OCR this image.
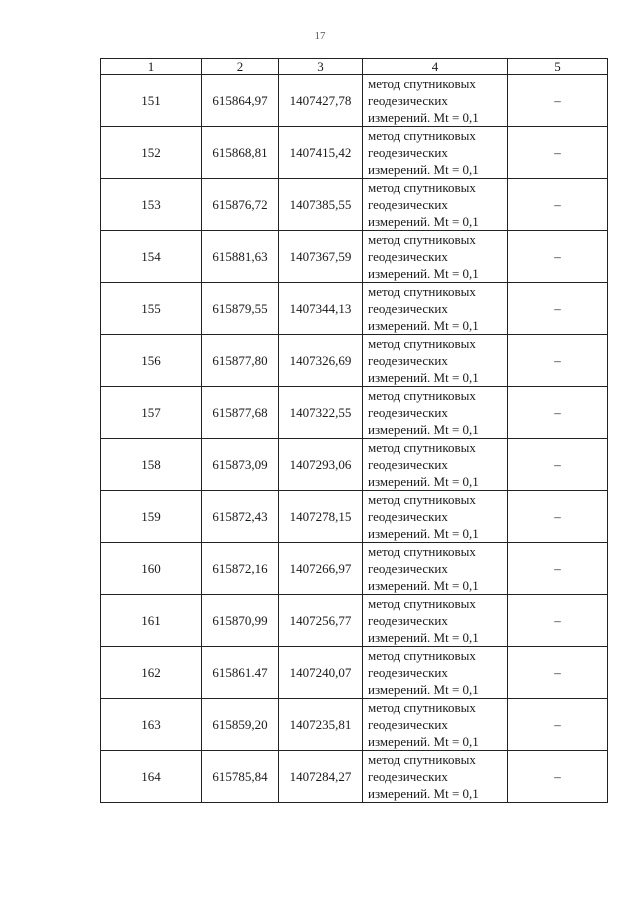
17
1	2	3	4	5
151	615864,97	1407427,78	метод спутниковых
геодезических
измерений. Mt = 0,1	–
152	615868,81	1407415,42	метод спутниковых
геодезических
измерений. Mt = 0,1	–
153	615876,72	1407385,55	метод спутниковых
геодезических
измерений. Mt = 0,1	–
154	615881,63	1407367,59	метод спутниковых
геодезических
измерений. Mt = 0,1	–
155	615879,55	1407344,13	метод спутниковых
геодезических
измерений. Mt = 0,1	–
156	615877,80	1407326,69	метод спутниковых
геодезических
измерений. Mt = 0,1	–
157	615877,68	1407322,55	метод спутниковых
геодезических
измерений. Mt = 0,1	–
158	615873,09	1407293,06	метод спутниковых
геодезических
измерений. Mt = 0,1	–
159	615872,43	1407278,15	метод спутниковых
геодезических
измерений. Mt = 0,1	–
160	615872,16	1407266,97	метод спутниковых
геодезических
измерений. Mt = 0,1	–
161	615870,99	1407256,77	метод спутниковых
геодезических
измерений. Mt = 0,1	–
162	615861.47	1407240,07	метод спутниковых
геодезических
измерений. Mt = 0,1	–
163	615859,20	1407235,81	метод спутниковых
геодезических
измерений. Mt = 0,1	–
164	615785,84	1407284,27	метод спутниковых
геодезических
измерений. Mt = 0,1	–
